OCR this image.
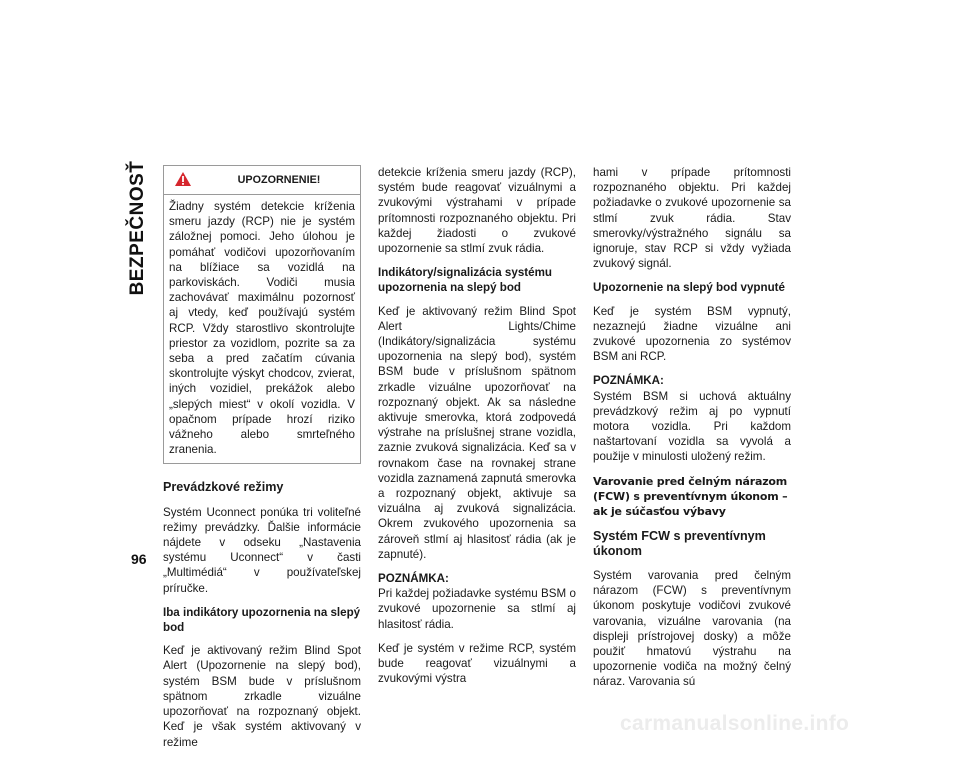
BEZPEČNOSŤ
96
UPOZORNENIE!

Žiadny systém detekcie kríženia smeru jazdy (RCP) nie je systém záložnej pomoci. Jeho úlohou je pomáhať vodičovi upozorňovaním na blížiace sa vozidlá na parkoviskách. Vodiči musia zachovávať maximálnu pozornosť aj vtedy, keď používajú systém RCP. Vždy starostlivo skontrolujte priestor za vozidlom, pozrite sa za seba a pred začatím cúvania skontrolujte výskyt chodcov, zvierat, iných vozidiel, prekážok alebo „slepých miest“ v okolí vozidla. V opačnom prípade hrozí riziko vážneho alebo smrteľného zranenia.

Prevádzkové režimy

Systém Uconnect ponúka tri voliteľné režimy prevádzky. Ďalšie informácie nájdete v odseku „Nastavenia systému Uconnect“ v časti „Multimédiá“ v používateľskej príručke.

Iba indikátory upozornenia na slepý bod

Keď je aktivovaný režim Blind Spot Alert (Upozornenie na slepý bod), systém BSM bude v príslušnom spätnom zrkadle vizuálne upozorňovať na rozpoznaný objekt. Keď je však systém aktivovaný v režime

detekcie kríženia smeru jazdy (RCP), systém bude reagovať vizuálnymi a zvukovými výstrahami v prípade prítomnosti rozpoznaného objektu. Pri každej žiadosti o zvukové upozornenie sa stlmí zvuk rádia.

Indikátory/signalizácia systému upozornenia na slepý bod

Keď je aktivovaný režim Blind Spot Alert Lights/Chime (Indikátory/signalizácia systému upozornenia na slepý bod), systém BSM bude v príslušnom spätnom zrkadle vizuálne upozorňovať na rozpoznaný objekt. Ak sa následne aktivuje smerovka, ktorá zodpovedá výstrahe na príslušnej strane vozidla, zaznie zvuková signalizácia. Keď sa v rovnakom čase na rovnakej strane vozidla zaznamená zapnutá smerovka a rozpoznaný objekt, aktivuje sa vizuálna aj zvuková signalizácia. Okrem zvukového upozornenia sa zároveň stlmí aj hlasitosť rádia (ak je zapnuté).

POZNÁMKA:

Pri každej požiadavke systému BSM o zvukové upozornenie sa stlmí aj hlasitosť rádia.

Keď je systém v režime RCP, systém bude reagovať vizuálnymi a zvukovými výstra

hami v prípade prítomnosti rozpoznaného objektu. Pri každej požiadavke o zvukové upozornenie sa stlmí zvuk rádia. Stav smerovky/výstražného signálu sa ignoruje, stav RCP si vždy vyžiada zvukový signál.

Upozornenie na slepý bod vypnuté

Keď je systém BSM vypnutý, nezaznejú žiadne vizuálne ani zvukové upozornenia zo systémov BSM ani RCP.

POZNÁMKA:

Systém BSM si uchová aktuálny prevádzkový režim aj po vypnutí motora vozidla. Pri každom naštartovaní vozidla sa vyvolá a použije v minulosti uložený režim.

Varovanie pred čelným nárazom (FCW) s preventívnym úkonom – ak je súčasťou výbavy
Systém FCW s preventívnym úkonom

Systém varovania pred čelným nárazom (FCW) s preventívnym úkonom poskytuje vodičovi zvukové varovania, vizuálne varovania (na displeji prístrojovej dosky) a môže použiť hmatovú výstrahu na upozornenie vodiča na možný čelný náraz. Varovania sú

carmanualsonline.info
